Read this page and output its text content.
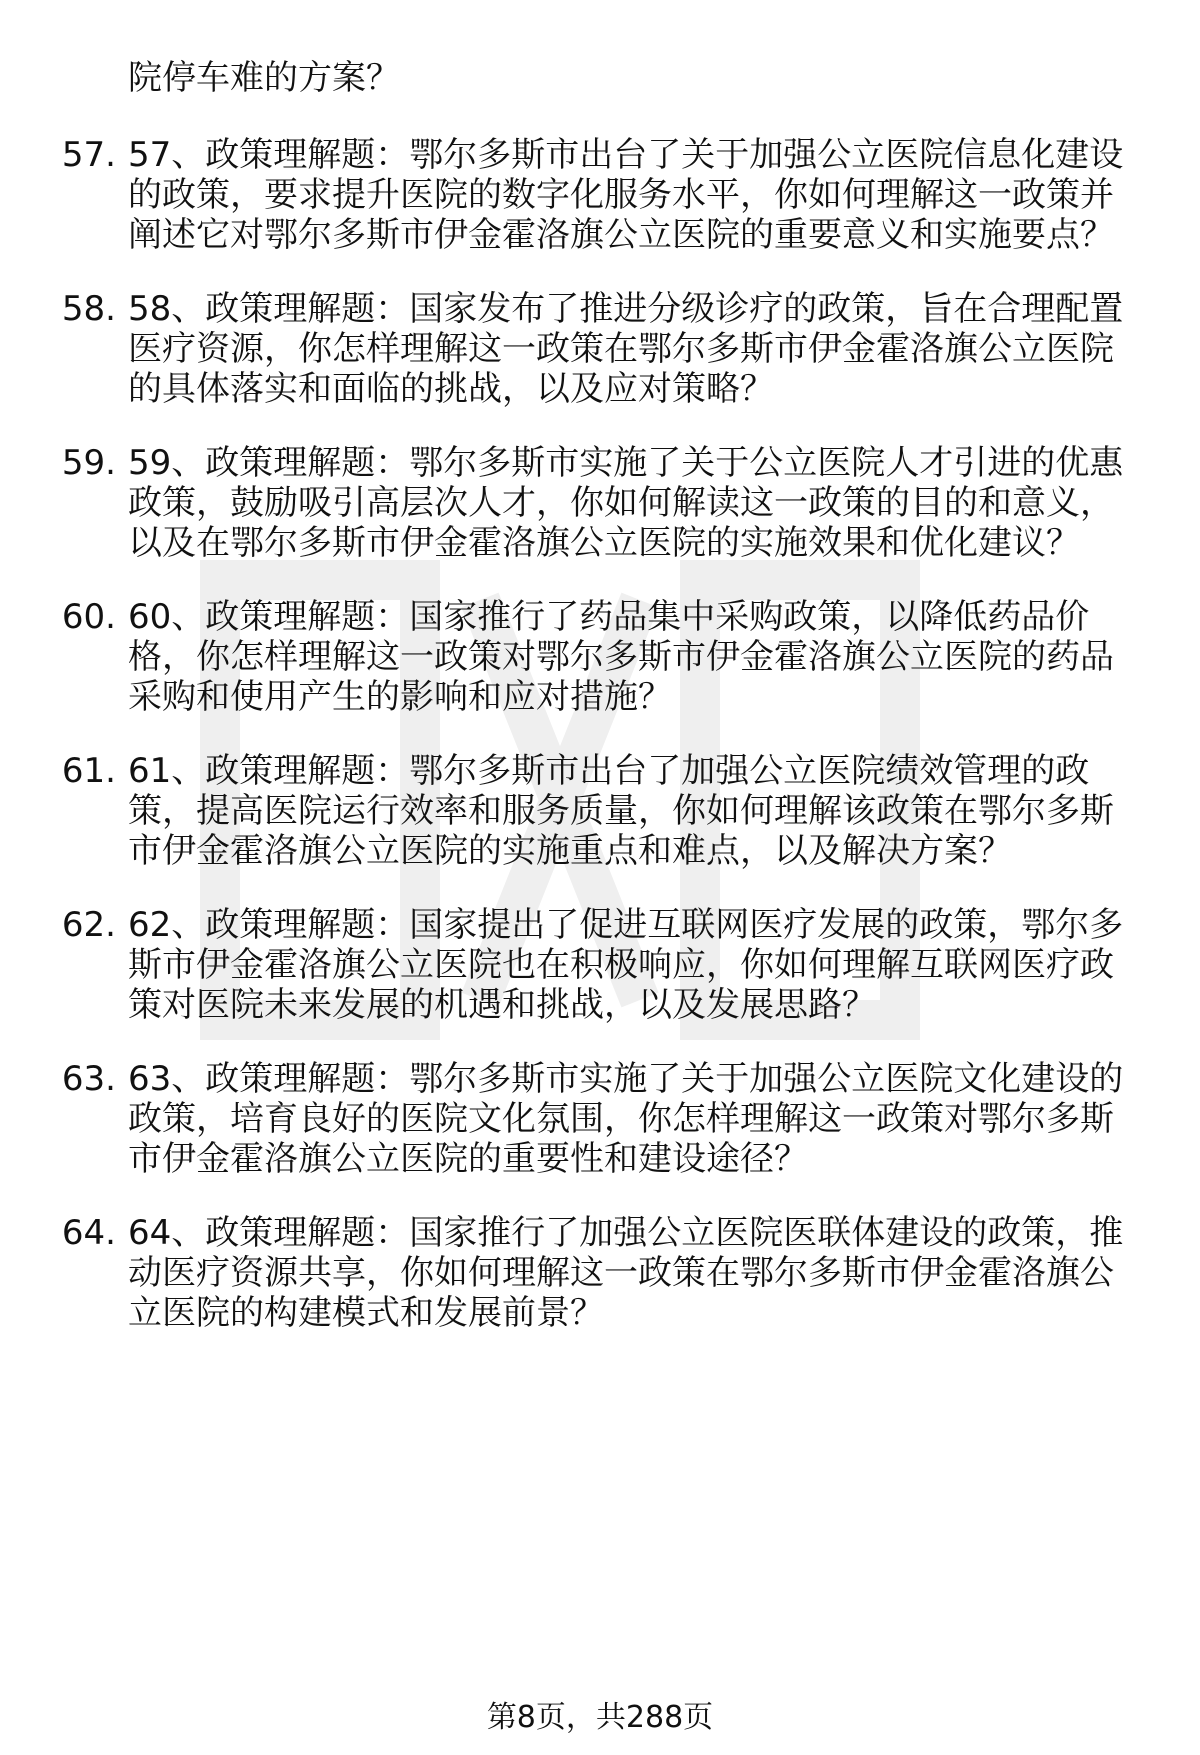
院停车难的方案？
57. 57、政策理解题：鄂尔多斯市出台了关于加强公立医院信息化建设的政策，要求提升医院的数字化服务水平，你如何理解这一政策并阐述它对鄂尔多斯市伊金霍洛旗公立医院的重要意义和实施要点？
58. 58、政策理解题：国家发布了推进分级诊疗的政策，旨在合理配置医疗资源，你怎样理解这一政策在鄂尔多斯市伊金霍洛旗公立医院的具体落实和面临的挑战，以及应对策略？
59. 59、政策理解题：鄂尔多斯市实施了关于公立医院人才引进的优惠政策，鼓励吸引高层次人才，你如何解读这一政策的目的和意义，以及在鄂尔多斯市伊金霍洛旗公立医院的实施效果和优化建议？
60. 60、政策理解题：国家推行了药品集中采购政策，以降低药品价格，你怎样理解这一政策对鄂尔多斯市伊金霍洛旗公立医院的药品采购和使用产生的影响和应对措施？
61. 61、政策理解题：鄂尔多斯市出台了加强公立医院绩效管理的政策，提高医院运行效率和服务质量，你如何理解该政策在鄂尔多斯市伊金霍洛旗公立医院的实施重点和难点，以及解决方案？
62. 62、政策理解题：国家提出了促进互联网医疗发展的政策，鄂尔多斯市伊金霍洛旗公立医院也在积极响应，你如何理解互联网医疗政策对医院未来发展的机遇和挑战，以及发展思路？
63. 63、政策理解题：鄂尔多斯市实施了关于加强公立医院文化建设的政策，培育良好的医院文化氛围，你怎样理解这一政策对鄂尔多斯市伊金霍洛旗公立医院的重要性和建设途径？
64. 64、政策理解题：国家推行了加强公立医院医联体建设的政策，推动医疗资源共享，你如何理解这一政策在鄂尔多斯市伊金霍洛旗公立医院的构建模式和发展前景？
第8页，共288页
